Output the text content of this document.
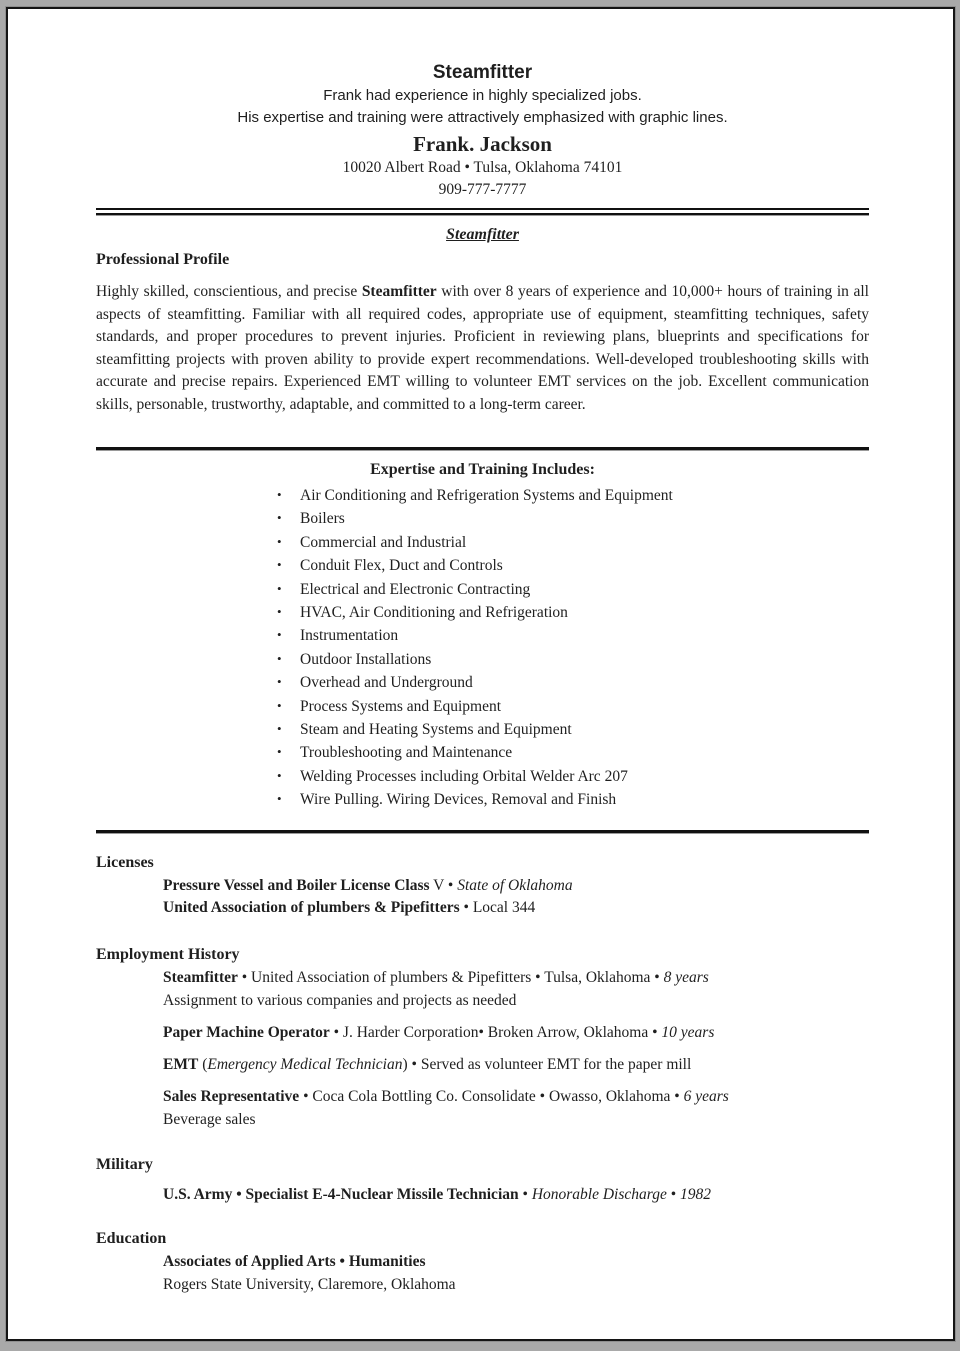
Steamfitter
Frank had experience in highly specialized jobs.
His expertise and training were attractively emphasized with graphic lines.
Frank. Jackson
10020 Albert Road • Tulsa, Oklahoma 74101
909-777-7777
Steamfitter
Professional Profile
Highly skilled, conscientious, and precise Steamfitter with over 8 years of experience and 10,000+ hours of training in all aspects of steamfitting. Familiar with all required codes, appropriate use of equipment, steamfitting techniques, safety standards, and proper procedures to prevent injuries. Proficient in reviewing plans, blueprints and specifications for steamfitting projects with proven ability to provide expert recommendations. Well-developed troubleshooting skills with accurate and precise repairs. Experienced EMT willing to volunteer EMT services on the job. Excellent communication skills, personable, trustworthy, adaptable, and committed to a long-term career.
Expertise and Training Includes:
• Air Conditioning and Refrigeration Systems and Equipment
• Boilers
• Commercial and Industrial
• Conduit Flex, Duct and Controls
• Electrical and Electronic Contracting
• HVAC, Air Conditioning and Refrigeration
• Instrumentation
• Outdoor Installations
• Overhead and Underground
• Process Systems and Equipment
• Steam and Heating Systems and Equipment
• Troubleshooting and Maintenance
• Welding Processes including Orbital Welder Arc 207
• Wire Pulling. Wiring Devices, Removal and Finish
Licenses
Pressure Vessel and Boiler License Class V • State of Oklahoma
United Association of plumbers & Pipefitters • Local 344
Employment History
Steamfitter • United Association of plumbers & Pipefitters • Tulsa, Oklahoma • 8 years
Assignment to various companies and projects as needed
Paper Machine Operator • J. Harder Corporation• Broken Arrow, Oklahoma • 10 years
EMT (Emergency Medical Technician) • Served as volunteer EMT for the paper mill
Sales Representative • Coca Cola Bottling Co. Consolidate • Owasso, Oklahoma • 6 years
Beverage sales
Military
U.S. Army • Specialist E-4-Nuclear Missile Technician • Honorable Discharge • 1982
Education
Associates of Applied Arts • Humanities
Rogers State University, Claremore, Oklahoma
